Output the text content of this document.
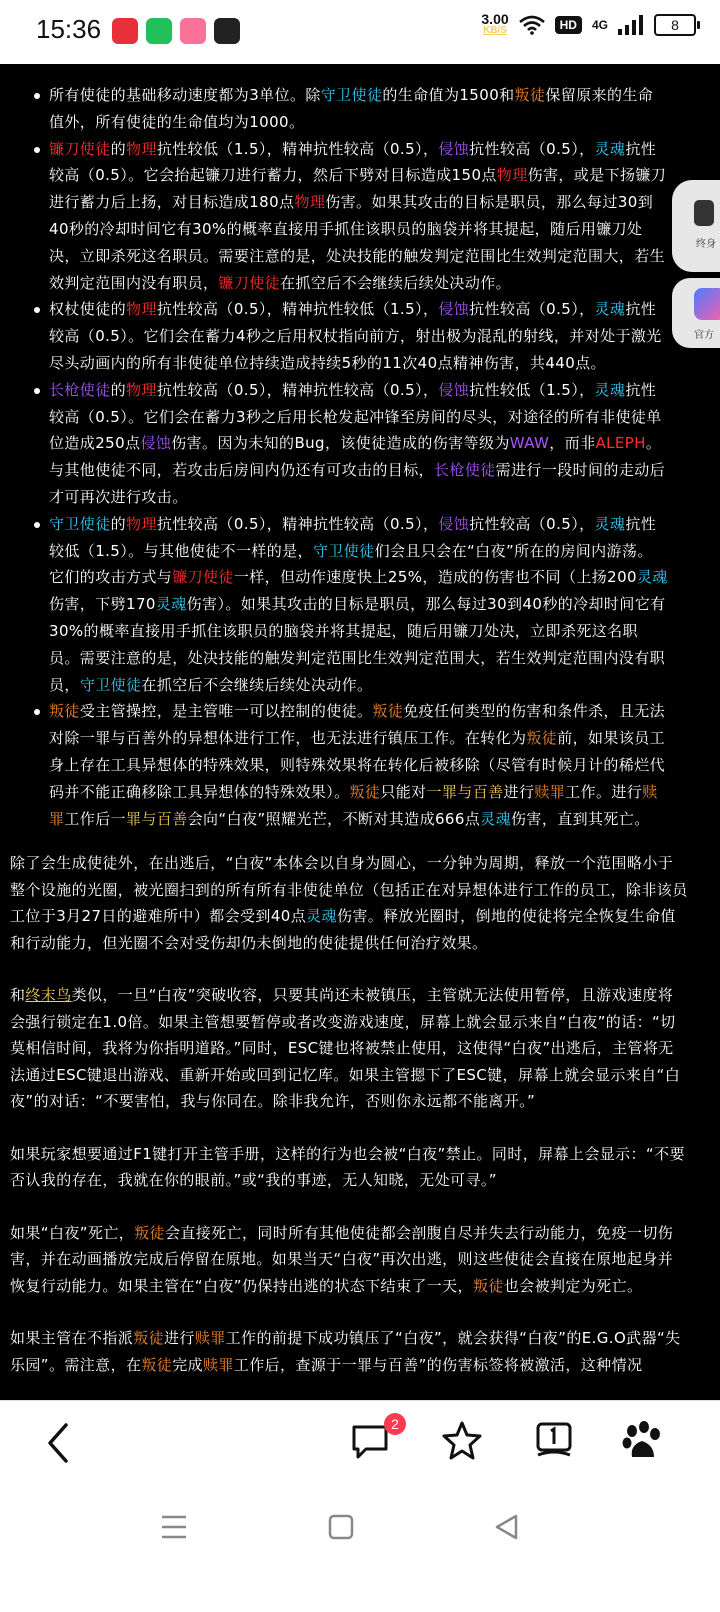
15:36	3.00
KB/S	HD	4G	8
所有使徒的基础移动速度都为3单位。除守卫使徒的生命值为1500和叛徒保留原来的生命值外，所有使徒的生命值均为1000。
镰刀使徒的物理抗性较低（1.5），精神抗性较高（0.5），侵蚀抗性较高（0.5），灵魂抗性较高（0.5）。它会抬起镰刀进行蓄力，然后下劈对目标造成150点物理伤害，或是下扬镰刀进行蓄力后上扬，对目标造成180点物理伤害。如果其攻击的目标是职员，那么每过30到40秒的冷却时间它有30%的概率直接用手抓住该职员的脑袋并将其提起，随后用镰刀处决，立即杀死这名职员。需要注意的是，处决技能的触发判定范围比生效判定范围大，若生效判定范围内没有职员，镰刀使徒在抓空后不会继续后续处决动作。
权杖使徒的物理抗性较高（0.5），精神抗性较低（1.5），侵蚀抗性较高（0.5），灵魂抗性较高（0.5）。它们会在蓄力4秒之后用权杖指向前方，射出极为混乱的射线，并对处于激光尽头动画内的所有非使徒单位持续造成持续5秒的11次40点精神伤害，共440点。
长枪使徒的物理抗性较高（0.5），精神抗性较高（0.5），侵蚀抗性较低（1.5），灵魂抗性较高（0.5）。它们会在蓄力3秒之后用长枪发起冲锋至房间的尽头，对途径的所有非使徒单位造成250点侵蚀伤害。因为未知的Bug，该使徒造成的伤害等级为WAW，而非ALEPH。与其他使徒不同，若攻击后房间内仍还有可攻击的目标，长枪使徒需进行一段时间的走动后才可再次进行攻击。
守卫使徒的物理抗性较高（0.5），精神抗性较高（0.5），侵蚀抗性较高（0.5），灵魂抗性较低（1.5）。与其他使徒不一样的是，守卫使徒们会且只会在“白夜”所在的房间内游荡。它们的攻击方式与镰刀使徒一样，但动作速度快上25%，造成的伤害也不同（上扬200灵魂伤害，下劈170灵魂伤害）。如果其攻击的目标是职员，那么每过30到40秒的冷却时间它有30%的概率直接用手抓住该职员的脑袋并将其提起，随后用镰刀处决，立即杀死这名职员。需要注意的是，处决技能的触发判定范围比生效判定范围大，若生效判定范围内没有职员，守卫使徒在抓空后不会继续后续处决动作。
叛徒受主管操控，是主管唯一可以控制的使徒。叛徒免疫任何类型的伤害和条件杀，且无法对除一罪与百善外的异想体进行工作，也无法进行镇压工作。在转化为叛徒前，如果该员工身上存在工具异想体的特殊效果，则特殊效果将在转化后被移除（尽管有时候月计的稀烂代码并不能正确移除工具异想体的特殊效果）。叛徒只能对一罪与百善进行赎罪工作。进行赎罪工作后一罪与百善会向“白夜”照耀光芒，不断对其造成666点灵魂伤害，直到其死亡。

除了会生成使徒外，在出逃后，“白夜”本体会以自身为圆心，一分钟为周期，释放一个范围略小于整个设施的光圈，被光圈扫到的所有所有非使徒单位（包括正在对异想体进行工作的员工，除非该员工位于3月27日的避难所中）都会受到40点灵魂伤害。释放光圈时，倒地的使徒将完全恢复生命值和行动能力，但光圈不会对受伤却仍未倒地的使徒提供任何治疗效果。

和终末鸟类似，一旦“白夜”突破收容，只要其尚还未被镇压，主管就无法使用暂停，且游戏速度将会强行锁定在1.0倍。如果主管想要暂停或者改变游戏速度，屏幕上就会显示来自“白夜”的话：“切莫相信时间，我将为你指明道路。”同时，ESC键也将被禁止使用，这使得“白夜”出逃后，主管将无法通过ESC键退出游戏、重新开始或回到记忆库。如果主管摁下了ESC键，屏幕上就会显示来自“白夜”的对话：“不要害怕，我与你同在。除非我允许，否则你永远都不能离开。”

如果玩家想要通过F1键打开主管手册，这样的行为也会被“白夜”禁止。同时，屏幕上会显示：“不要否认我的存在，我就在你的眼前。”或“我的事迹，无人知晓，无处可寻。”

如果“白夜”死亡，叛徒会直接死亡，同时所有其他使徒都会剖腹自尽并失去行动能力，免疫一切伤害，并在动画播放完成后停留在原地。如果当天“白夜”再次出逃，则这些使徒会直接在原地起身并恢复行动能力。如果主管在“白夜”仍保持出逃的状态下结束了一天，叛徒也会被判定为死亡。

如果主管在不指派叛徒进行赎罪工作的前提下成功镇压了“白夜”，就会获得“白夜”的E.G.O武器“失乐园”。需注意，在叛徒完成赎罪工作后，查源于一罪与百善”的伤害标签将被激活，这种情况

终身
官方
2
